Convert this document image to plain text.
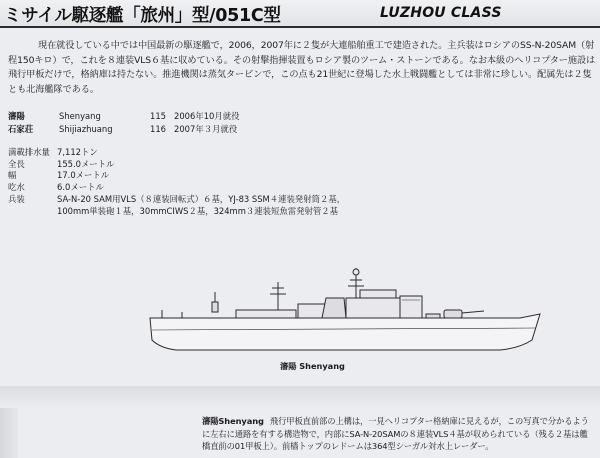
ミサイル駆逐艦「旅州」型/051C型	LUZHOU CLASS

現在就役している中では中国最新の駆逐艦で，2006，2007年に２隻が大連船舶重工で建造された。主兵装はロシアのSS-N-20SAM（射程150キロ）で，これを８連装VLS６基に収めている。その射撃指揮装置もロシア製のツーム・ストーンである。なお本級のヘリコプター施設は飛行甲板だけで，格納庫は持たない。推進機関は蒸気タービンで，この点も21世紀に登場した水上戦闘艦としては非常に珍しい。配属先は２隻とも北海艦隊である。

瀋陽	Shenyang	115 2006年10月就役
石家荘	Shijiazhuang	116 2007年３月就役
満載排水量 7,112トン
全長	155.0メートル
幅	17.0メートル
吃水	6.0メートル
兵装	SA-N-20 SAM用VLS（８連装回転式）６基，YJ-83 SSM４連装発射筒２基，
100mm単装砲１基，30mmCIWS２基，324mm３連装短魚雷発射管２基
瀋陽 Shenyang

瀋陽Shenyang 飛行甲板直前部の上構は，一見ヘリコプター格納庫に見えるが，この写真で分かるように左右に通路を有する構造物で，内部にSA-N-20SAMの８連装VLS４基が収められている（残る２基は艦橋直前の01甲板上）。前檣トップのレドームは364型シーガル対水上レーダー。
